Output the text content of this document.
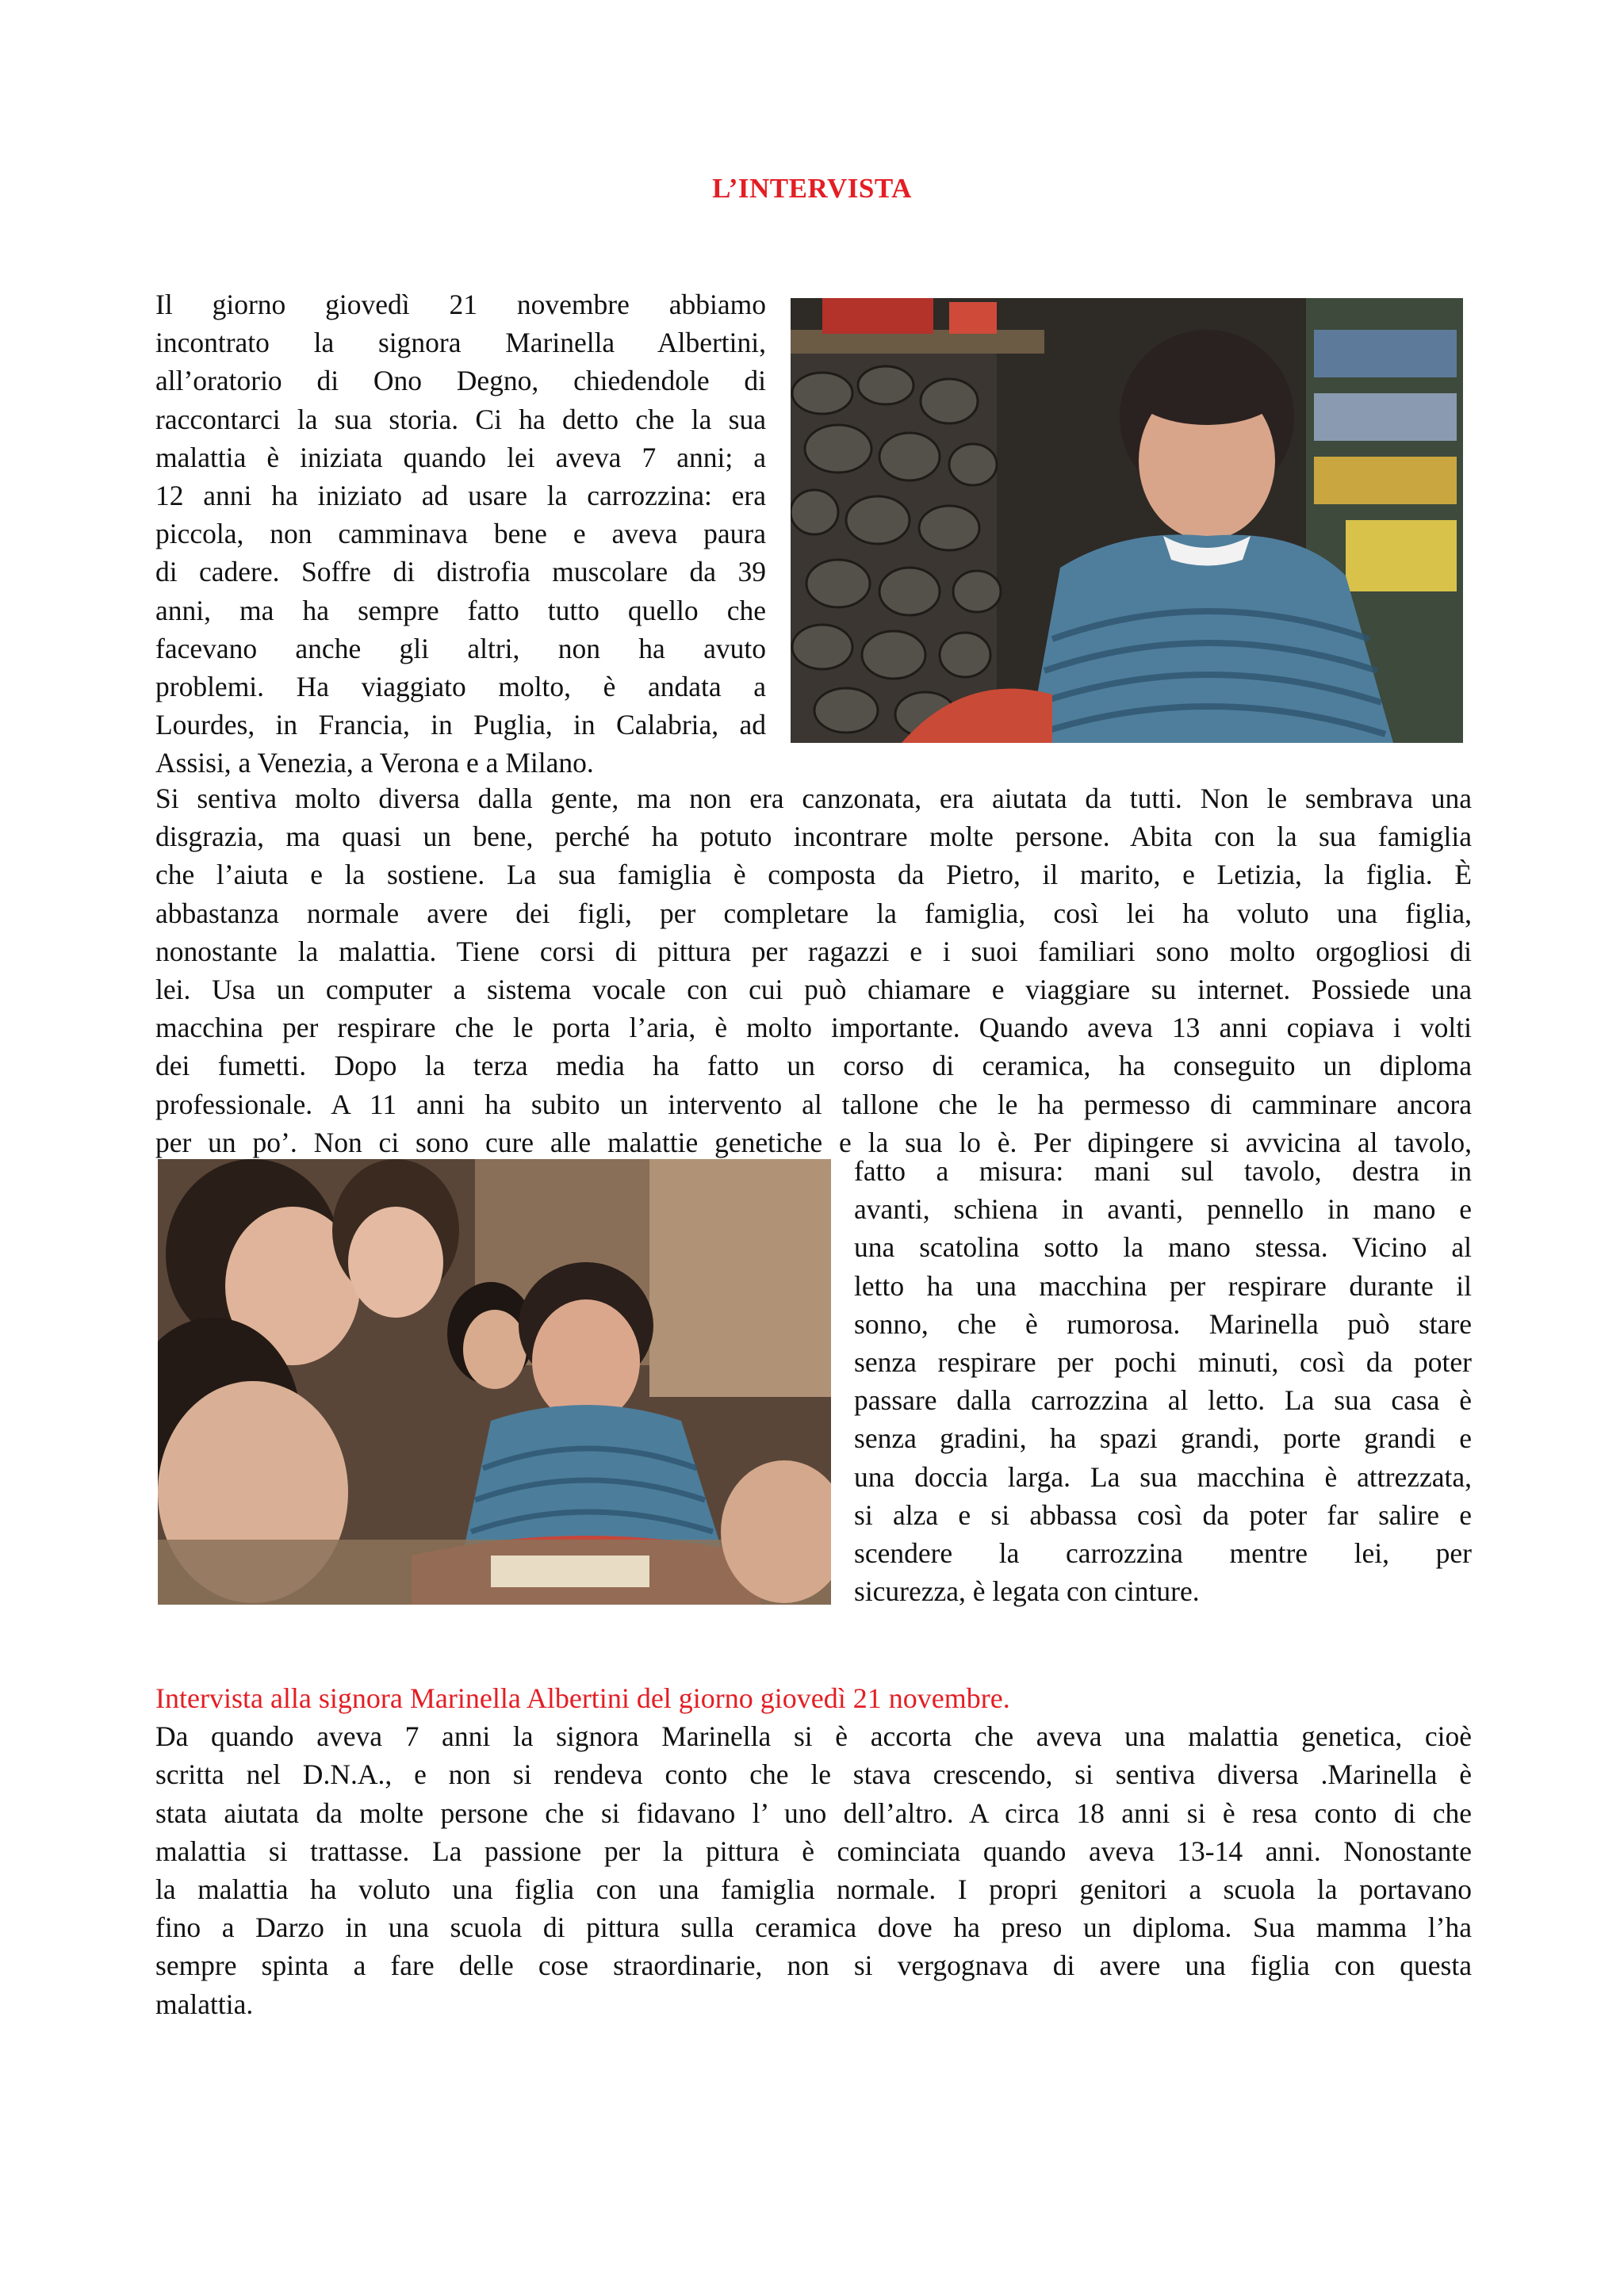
L’INTERVISTA
Il giorno giovedì 21 novembre abbiamo
incontrato la signora Marinella Albertini,
all’oratorio di Ono Degno, chiedendole di
raccontarci la sua storia. Ci ha detto che la sua
malattia è iniziata quando lei aveva 7 anni; a
12 anni ha iniziato ad usare la carrozzina: era
piccola, non camminava bene e aveva paura
di cadere. Soffre di distrofia muscolare da 39
anni, ma ha sempre fatto tutto quello che
facevano anche gli altri, non ha avuto
problemi. Ha viaggiato molto, è andata a
Lourdes, in Francia, in Puglia, in Calabria, ad
Assisi, a Venezia, a Verona e a Milano.
Si sentiva molto diversa dalla gente, ma non era canzonata, era aiutata da tutti. Non le sembrava una
disgrazia, ma quasi un bene, perché ha potuto incontrare molte persone. Abita con la sua famiglia
che l’aiuta e la sostiene. La sua famiglia è composta da Pietro, il marito, e Letizia, la figlia. È
abbastanza normale avere dei figli, per completare la famiglia, così lei ha voluto una figlia,
nonostante la malattia. Tiene corsi di pittura per ragazzi e i suoi familiari sono molto orgogliosi di
lei. Usa un computer a sistema vocale con cui può chiamare e viaggiare su internet. Possiede una
macchina per respirare che le porta l’aria, è molto importante. Quando aveva 13 anni copiava i volti
dei fumetti. Dopo la terza media ha fatto un corso di ceramica, ha conseguito un diploma
professionale. A 11 anni ha subito un intervento al tallone che le ha permesso di camminare ancora
per un po’. Non ci sono cure alle malattie genetiche e la sua lo è. Per dipingere si avvicina al tavolo,
fatto a misura: mani sul tavolo, destra in
avanti, schiena in avanti, pennello in mano e
una scatolina sotto la mano stessa. Vicino al
letto ha una macchina per respirare durante il
sonno, che è rumorosa. Marinella può stare
senza respirare per pochi minuti, così da poter
passare dalla carrozzina al letto. La sua casa è
senza gradini, ha spazi grandi, porte grandi e
una doccia larga. La sua macchina è attrezzata,
si alza e si abbassa così da poter far salire e
scendere la carrozzina mentre lei, per
sicurezza, è legata con cinture.
Intervista alla signora Marinella Albertini del giorno giovedì 21 novembre.
Da quando aveva 7 anni la signora Marinella si è accorta che aveva una malattia genetica, cioè
scritta nel D.N.A., e non si rendeva conto che le stava crescendo, si sentiva diversa .Marinella è
stata aiutata da molte persone che si fidavano l’ uno dell’altro. A circa 18 anni si è resa conto di che
malattia si trattasse. La passione per la pittura è cominciata quando aveva 13-14 anni. Nonostante
la malattia ha voluto una figlia con una famiglia normale. I propri genitori a scuola la portavano
fino a Darzo in una scuola di pittura sulla ceramica dove ha preso un diploma. Sua mamma l’ha
sempre spinta a fare delle cose straordinarie, non si vergognava di avere una figlia con questa
malattia.
